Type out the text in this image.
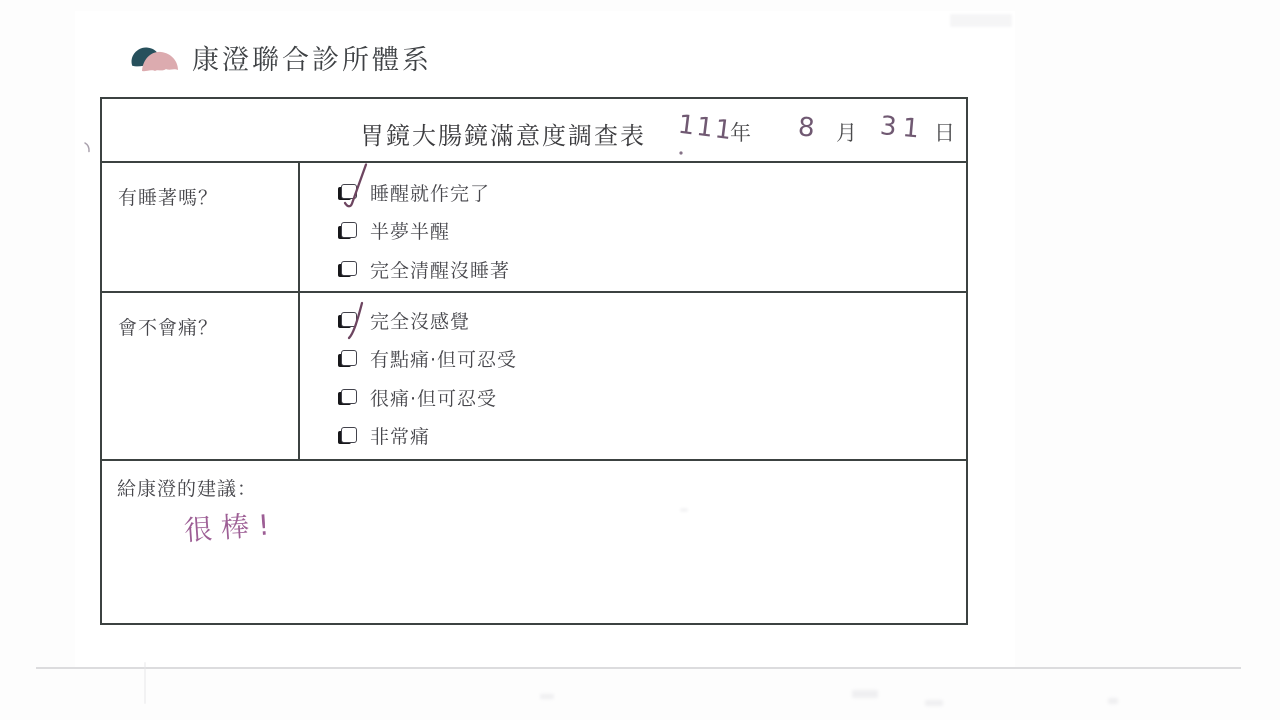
康澄聯合診所體系
胃鏡大腸鏡滿意度調查表 111
年 8 月 31 日
有睡著嗎？	睡醒就作完了
半夢半醒
完全清醒沒睡著
會不會痛？	完全沒感覺
有點痛·但可忍受
很痛·但可忍受
非常痛
給康澄的建議：
很棒!
